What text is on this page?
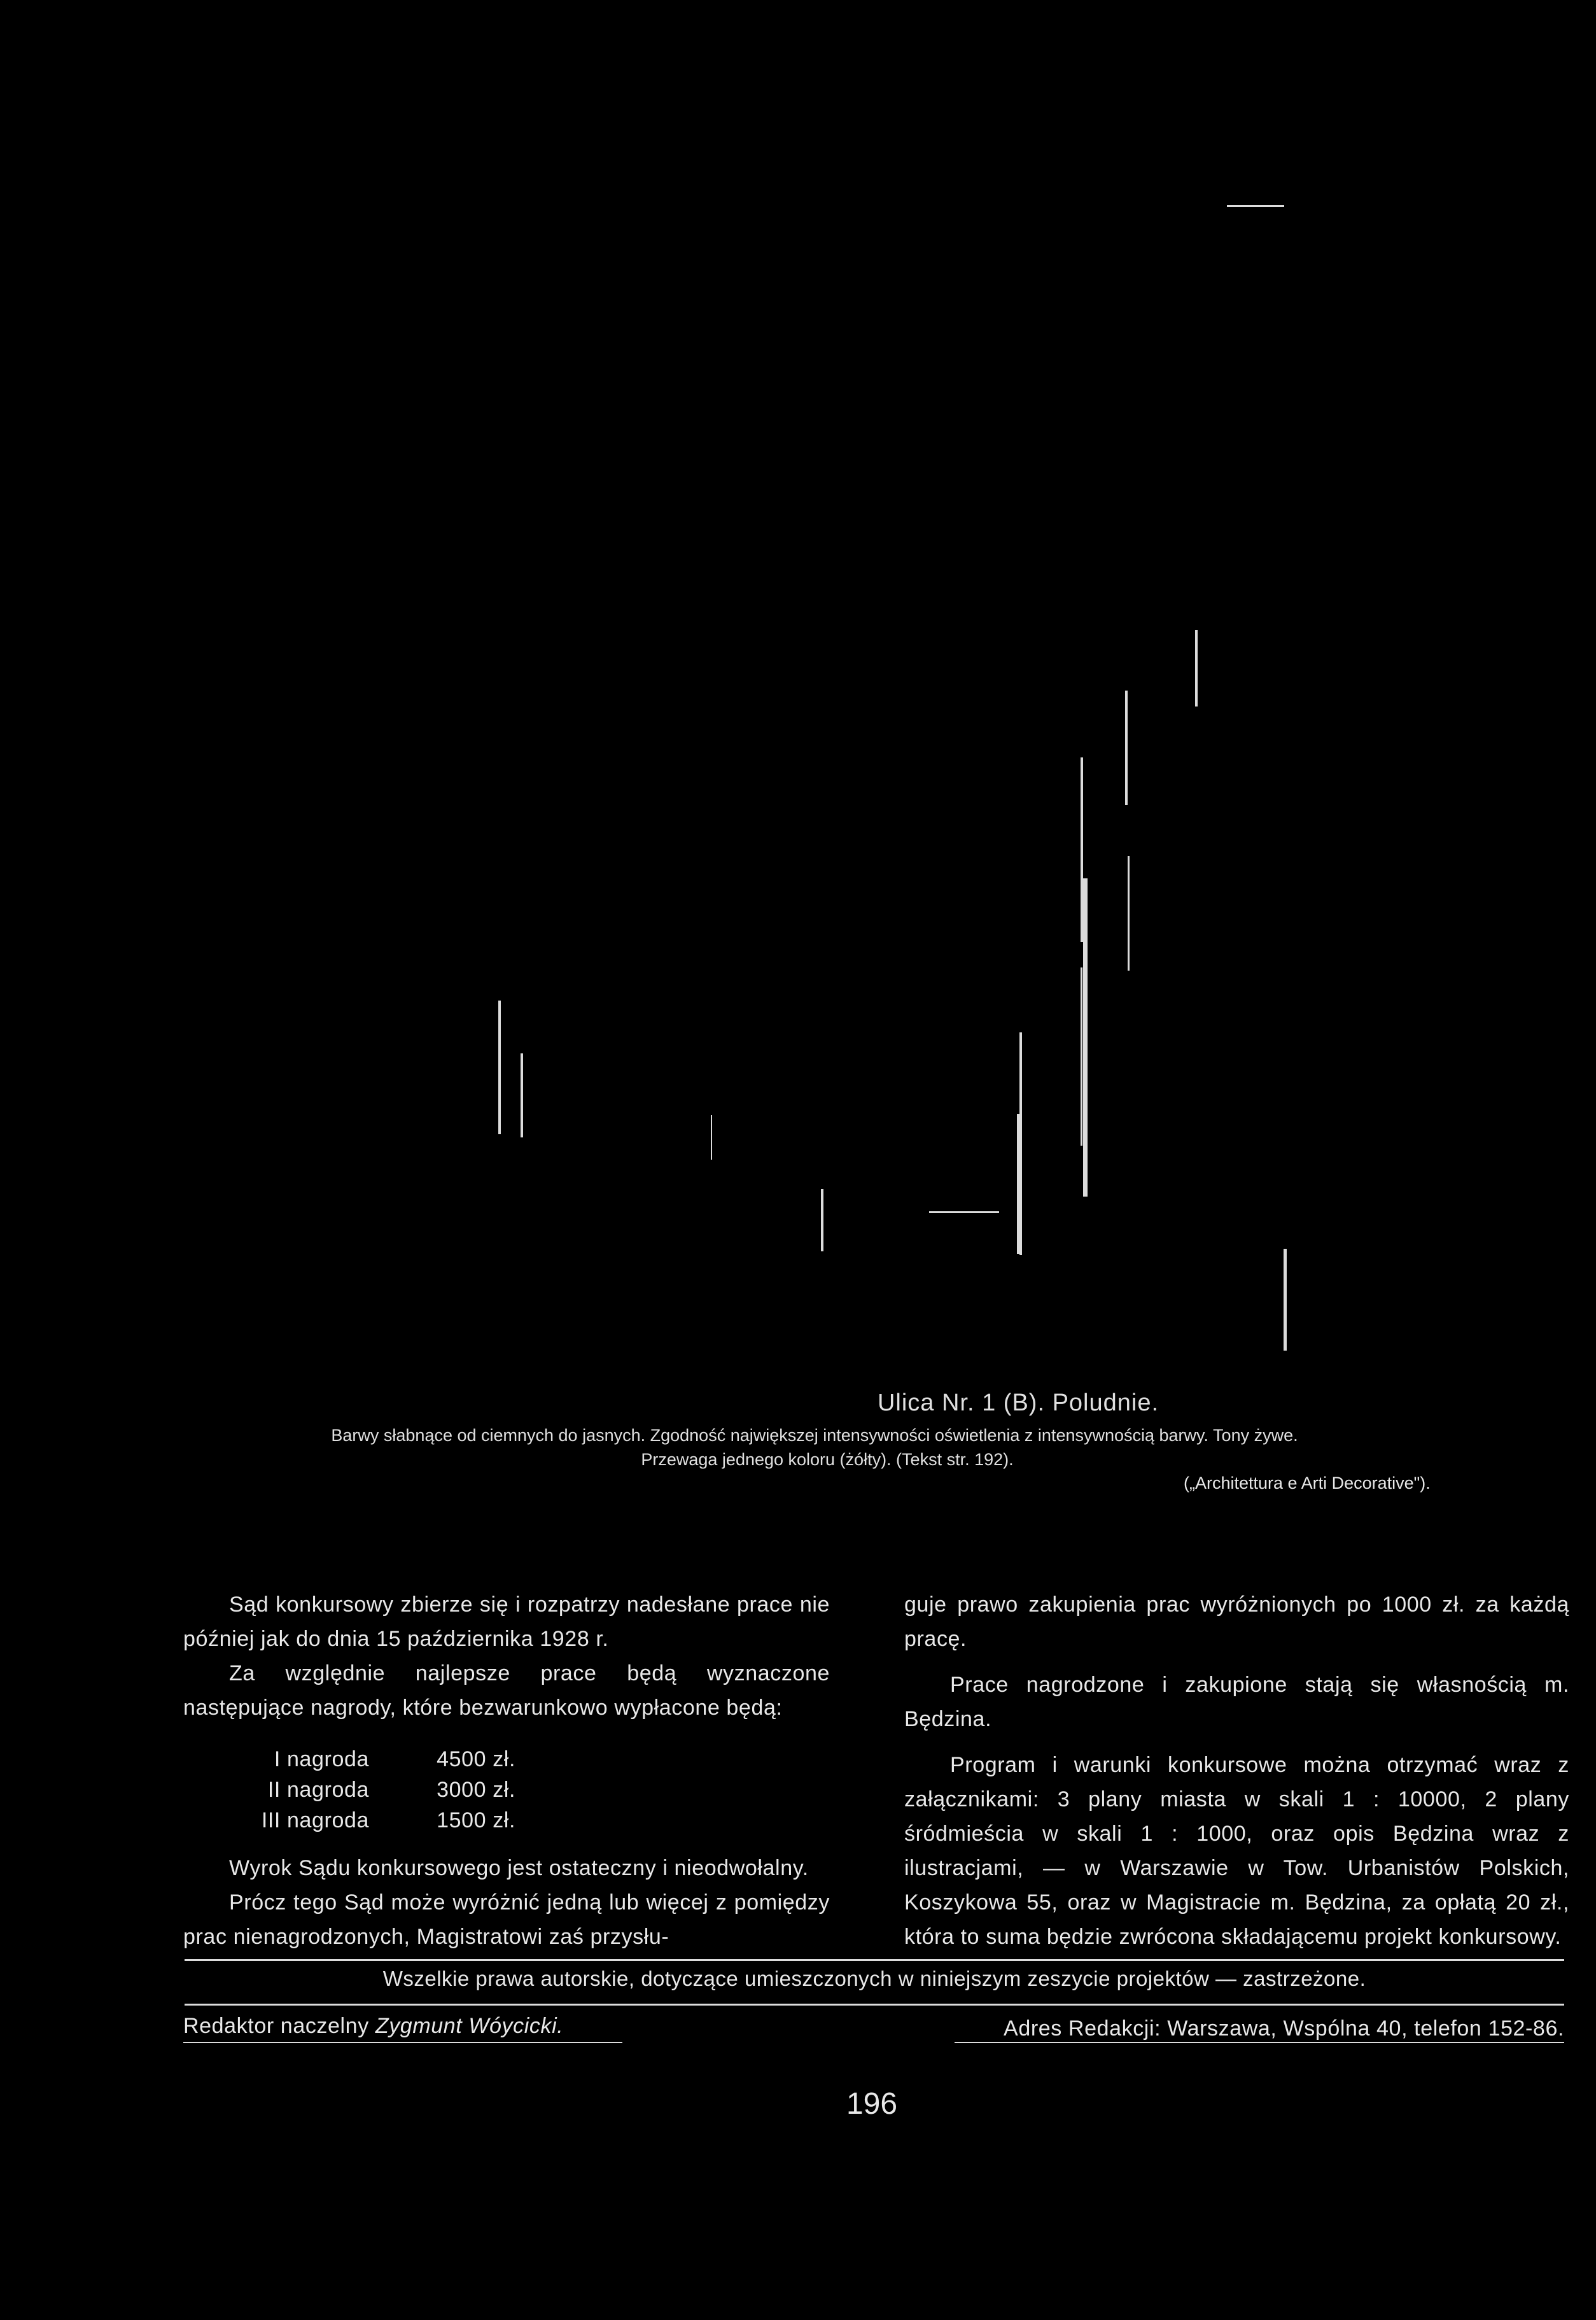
Ulica Nr. 1 (B). Poludnie.
Barwy słabnące od ciemnych do jasnych. Zgodność największej intensywności oświetlenia z intensywnością barwy. Tony żywe.
Przewaga jednego koloru (żółty). (Tekst str. 192).
(„Architettura e Arti Decorative").

Sąd konkursowy zbierze się i rozpatrzy nadesłane prace nie później jak do dnia 15 października 1928 r.

Za względnie najlepsze prace będą wyznaczone następujące nagrody, które bezwarunkowo wypłacone będą:

I nagroda	4500 zł.
II nagroda	3000 zł.
III nagroda	1500 zł.

Wyrok Sądu konkursowego jest ostateczny i nieodwołalny.

Prócz tego Sąd może wyróżnić jedną lub więcej z pomiędzy prac nienagrodzonych, Magistratowi zaś przysłu-

guje prawo zakupienia prac wyróżnionych po 1000 zł. za każdą pracę.

Prace nagrodzone i zakupione stają się własnością m. Będzina.

Program i warunki konkursowe można otrzymać wraz z załącznikami: 3 plany miasta w skali 1 : 10000, 2 plany śródmieścia w skali 1 : 1000, oraz opis Będzina wraz z ilustracjami, — w Warszawie w Tow. Urbanistów Polskich, Koszykowa 55, oraz w Magistracie m. Będzina, za opłatą 20 zł., która to suma będzie zwrócona składającemu projekt konkursowy.

Wszelkie prawa autorskie, dotyczące umieszczonych w niniejszym zeszycie projektów — zastrzeżone.
Redaktor naczelny Zygmunt Wóycicki.	Adres Redakcji: Warszawa, Wspólna 40, telefon 152-86.
196
